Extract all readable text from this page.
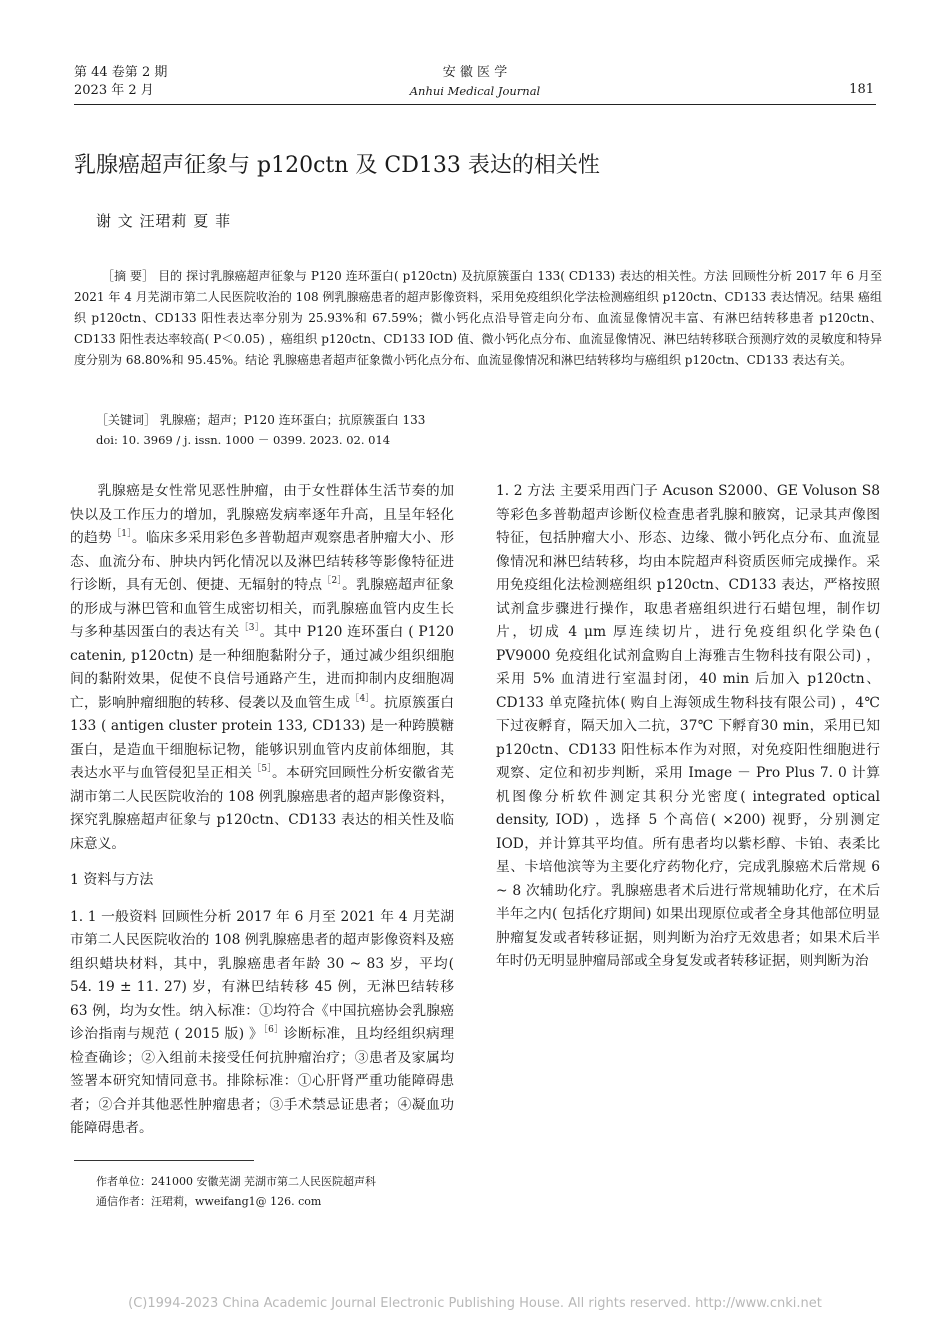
第 44 卷第 2 期
2023 年 2 月
安 徽 医 学
Anhui Medical Journal	181
乳腺癌超声征象与 p120ctn 及 CD133 表达的相关性
谢 文 汪珺莉 夏 菲

［摘 要］ 目的 探讨乳腺癌超声征象与 P120 连环蛋白( p120ctn) 及抗原簇蛋白 133( CD133) 表达的相关性。方法 回顾性分析 2017 年 6 月至 2021 年 4 月芜湖市第二人民医院收治的 108 例乳腺癌患者的超声影像资料，采用免疫组织化学法检测癌组织 p120ctn、CD133 表达情况。结果 癌组织 p120ctn、CD133 阳性表达率分别为 25.93%和 67.59%；微小钙化点沿导管走向分布、血流显像情况丰富、有淋巴结转移患者 p120ctn、CD133 阳性表达率较高( P＜0.05) ，癌组织 p120ctn、CD133 IOD 值、微小钙化点分布、血流显像情况、淋巴结转移联合预测疗效的灵敏度和特异度分别为 68.80%和 95.45%。结论 乳腺癌患者超声征象微小钙化点分布、血流显像情况和淋巴结转移均与癌组织 p120ctn、CD133 表达有关。

［关键词］ 乳腺癌；超声；P120 连环蛋白；抗原簇蛋白 133
doi: 10. 3969 / j. issn. 1000 － 0399. 2023. 02. 014

乳腺癌是女性常见恶性肿瘤，由于女性群体生活节奏的加快以及工作压力的增加，乳腺癌发病率逐年升高，且呈年轻化的趋势$^{[1]}$。临床多采用彩色多普勒超声观察患者肿瘤大小、形态、血流分布、肿块内钙化情况以及淋巴结转移等影像特征进行诊断，具有无创、便捷、无辐射的特点$^{[2]}$。乳腺癌超声征象的形成与淋巴管和血管生成密切相关，而乳腺癌血管内皮生长与多种基因蛋白的表达有关$^{[3]}$。其中 P120 连环蛋白 ( P120 catenin, p120ctn) 是一种细胞黏附分子，通过减少组织细胞间的黏附效果，促使不良信号通路产生，进而抑制内皮细胞凋亡，影响肿瘤细胞的转移、侵袭以及血管生成$^{[4]}$。抗原簇蛋白 133 ( antigen cluster protein 133, CD133) 是一种跨膜糖蛋白，是造血干细胞标记物，能够识别血管内皮前体细胞，其表达水平与血管侵犯呈正相关$^{[5]}$。本研究回顾性分析安徽省芜湖市第二人民医院收治的 108 例乳腺癌患者的超声影像资料，探究乳腺癌超声征象与 p120ctn、CD133 表达的相关性及临床意义。

1 资料与方法

1. 1 一般资料 回顾性分析 2017 年 6 月至 2021 年 4 月芜湖市第二人民医院收治的 108 例乳腺癌患者的超声影像资料及癌组织蜡块材料，其中，乳腺癌患者年龄 30 ~ 83 岁，平均( 54. 19 ± 11. 27) 岁，有淋巴结转移 45 例，无淋巴结转移 63 例，均为女性。纳入标准：①均符合《中国抗癌协会乳腺癌诊治指南与规范 ( 2015 版) 》$^{[6]}$诊断标准，且均经组织病理检查确诊；②入组前未接受任何抗肿瘤治疗；③患者及家属均签署本研究知情同意书。排除标准：①心肝肾严重功能障碍患者；②合并其他恶性肿瘤患者；③手术禁忌证患者；④凝血功能障碍患者。

1. 2 方法 主要采用西门子 Acuson S2000、GE Voluson S8 等彩色多普勒超声诊断仪检查患者乳腺和腋窝，记录其声像图特征，包括肿瘤大小、形态、边缘、微小钙化点分布、血流显像情况和淋巴结转移，均由本院超声科资质医师完成操作。采用免疫组化法检测癌组织 p120ctn、CD133 表达，严格按照试剂盒步骤进行操作，取患者癌组织进行石蜡包埋，制作切片，切成 4 μm 厚连续切片，进行免疫组织化学染色( PV9000 免疫组化试剂盒购自上海雅吉生物科技有限公司) ，采用 5% 血清进行室温封闭，40 min 后加入 p120ctn、CD133 单克隆抗体( 购自上海领成生物科技有限公司) ，4℃ 下过夜孵育，隔天加入二抗，37℃ 下孵育30 min，采用已知 p120ctn、CD133 阳性标本作为对照，对免疫阳性细胞进行观察、定位和初步判断，采用 Image － Pro Plus 7. 0 计算机图像分析软件测定其积分光密度( integrated optical density, IOD) ，选择 5 个高倍( ×200) 视野，分别测定 IOD，并计算其平均值。所有患者均以紫杉醇、卡铂、表柔比星、卡培他滨等为主要化疗药物化疗，完成乳腺癌术后常规 6 ~ 8 次辅助化疗。乳腺癌患者术后进行常规辅助化疗，在术后半年之内( 包括化疗期间) 如果出现原位或者全身其他部位明显肿瘤复发或者转移证据，则判断为治疗无效患者；如果术后半年时仍无明显肿瘤局部或全身复发或者转移证据，则判断为治

作者单位：241000 安徽芜湖 芜湖市第二人民医院超声科
通信作者：汪珺莉，wweifang1@ 126. com
(C)1994-2023 China Academic Journal Electronic Publishing House. All rights reserved. http://www.cnki.net
